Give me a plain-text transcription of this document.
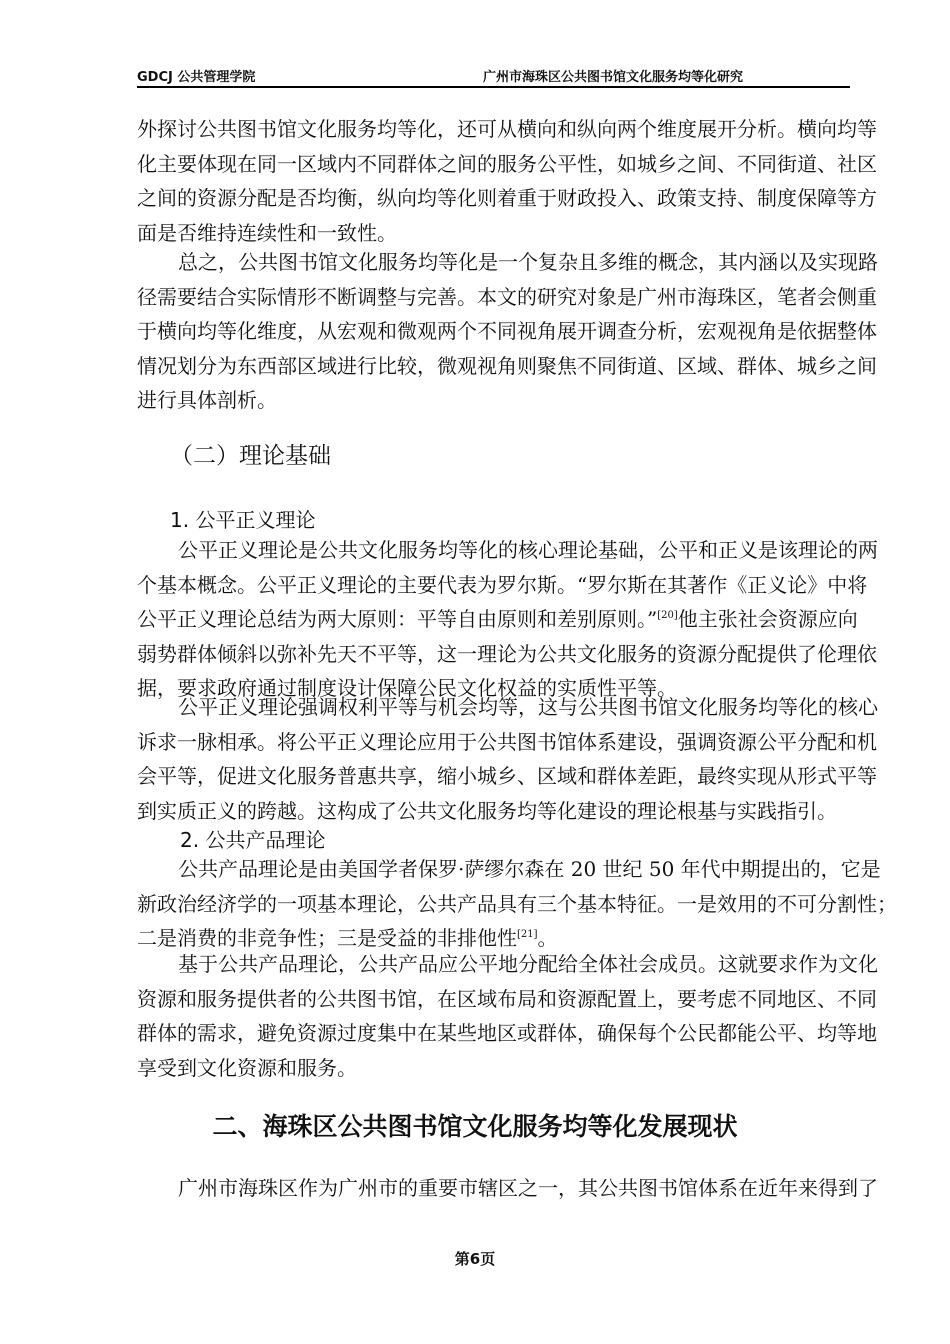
GDCJ 公共管理学院	广州市海珠区公共图书馆文化服务均等化研究
外探讨公共图书馆文化服务均等化，还可从横向和纵向两个维度展开分析。横向均等
化主要体现在同一区域内不同群体之间的服务公平性，如城乡之间、不同街道、社区
之间的资源分配是否均衡，纵向均等化则着重于财政投入、政策支持、制度保障等方
面是否维持连续性和一致性。
总之，公共图书馆文化服务均等化是一个复杂且多维的概念，其内涵以及实现路
径需要结合实际情形不断调整与完善。本文的研究对象是广州市海珠区，笔者会侧重
于横向均等化维度，从宏观和微观两个不同视角展开调查分析，宏观视角是依据整体
情况划分为东西部区域进行比较，微观视角则聚焦不同街道、区域、群体、城乡之间
进行具体剖析。
（二）理论基础
1. 公平正义理论
公平正义理论是公共文化服务均等化的核心理论基础，公平和正义是该理论的两
个基本概念。公平正义理论的主要代表为罗尔斯。“罗尔斯在其著作《正义论》中将
公平正义理论总结为两大原则：平等自由原则和差别原则。”[20]他主张社会资源应向
弱势群体倾斜以弥补先天不平等，这一理论为公共文化服务的资源分配提供了伦理依
据，要求政府通过制度设计保障公民文化权益的实质性平等。
公平正义理论强调权利平等与机会均等，这与公共图书馆文化服务均等化的核心
诉求一脉相承。将公平正义理论应用于公共图书馆体系建设，强调资源公平分配和机
会平等，促进文化服务普惠共享，缩小城乡、区域和群体差距，最终实现从形式平等
到实质正义的跨越。这构成了公共文化服务均等化建设的理论根基与实践指引。
2. 公共产品理论
公共产品理论是由美国学者保罗·萨缪尔森在 20 世纪 50 年代中期提出的，它是
新政治经济学的一项基本理论，公共产品具有三个基本特征。一是效用的不可分割性；
二是消费的非竞争性；三是受益的非排他性[21]。
基于公共产品理论，公共产品应公平地分配给全体社会成员。这就要求作为文化
资源和服务提供者的公共图书馆，在区域布局和资源配置上，要考虑不同地区、不同
群体的需求，避免资源过度集中在某些地区或群体，确保每个公民都能公平、均等地
享受到文化资源和服务。
二、海珠区公共图书馆文化服务均等化发展现状
广州市海珠区作为广州市的重要市辖区之一，其公共图书馆体系在近年来得到了
第6页
